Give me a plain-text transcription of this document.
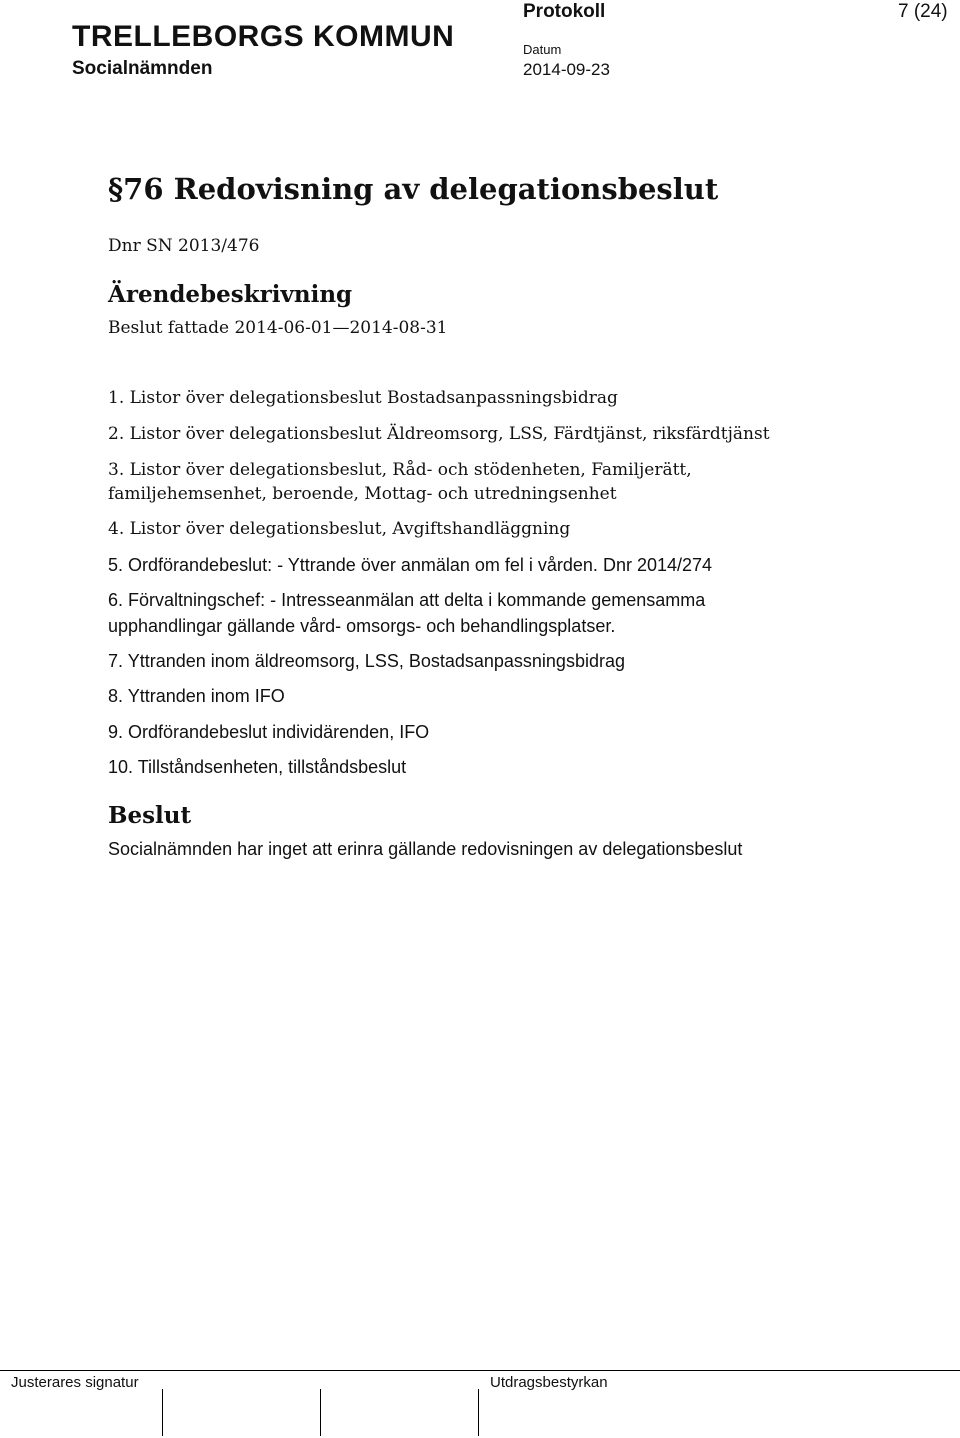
TRELLEBORGS KOMMUN
Socialnämnden
Protokoll	7 (24)
Datum
2014-09-23
§76 Redovisning av delegationsbeslut
Dnr SN 2013/476
Ärendebeskrivning
Beslut fattade 2014-06-01—2014-08-31
1. Listor över delegationsbeslut Bostadsanpassningsbidrag
2. Listor över delegationsbeslut Äldreomsorg, LSS, Färdtjänst, riksfärdtjänst
3. Listor över delegationsbeslut, Råd- och stödenheten, Familjerätt,
familjehemsenhet, beroende, Mottag- och utredningsenhet
4. Listor över delegationsbeslut, Avgiftshandläggning
5. Ordförandebeslut: - Yttrande över anmälan om fel i vården. Dnr 2014/274
6. Förvaltningschef: - Intresseanmälan att delta i kommande gemensamma
upphandlingar gällande vård- omsorgs- och behandlingsplatser.
7. Yttranden inom äldreomsorg, LSS, Bostadsanpassningsbidrag
8. Yttranden inom IFO
9. Ordförandebeslut individärenden, IFO
10. Tillståndsenheten, tillståndsbeslut
Beslut
Socialnämnden har inget att erinra gällande redovisningen av delegationsbeslut
Justerares signatur	Utdragsbestyrkan
